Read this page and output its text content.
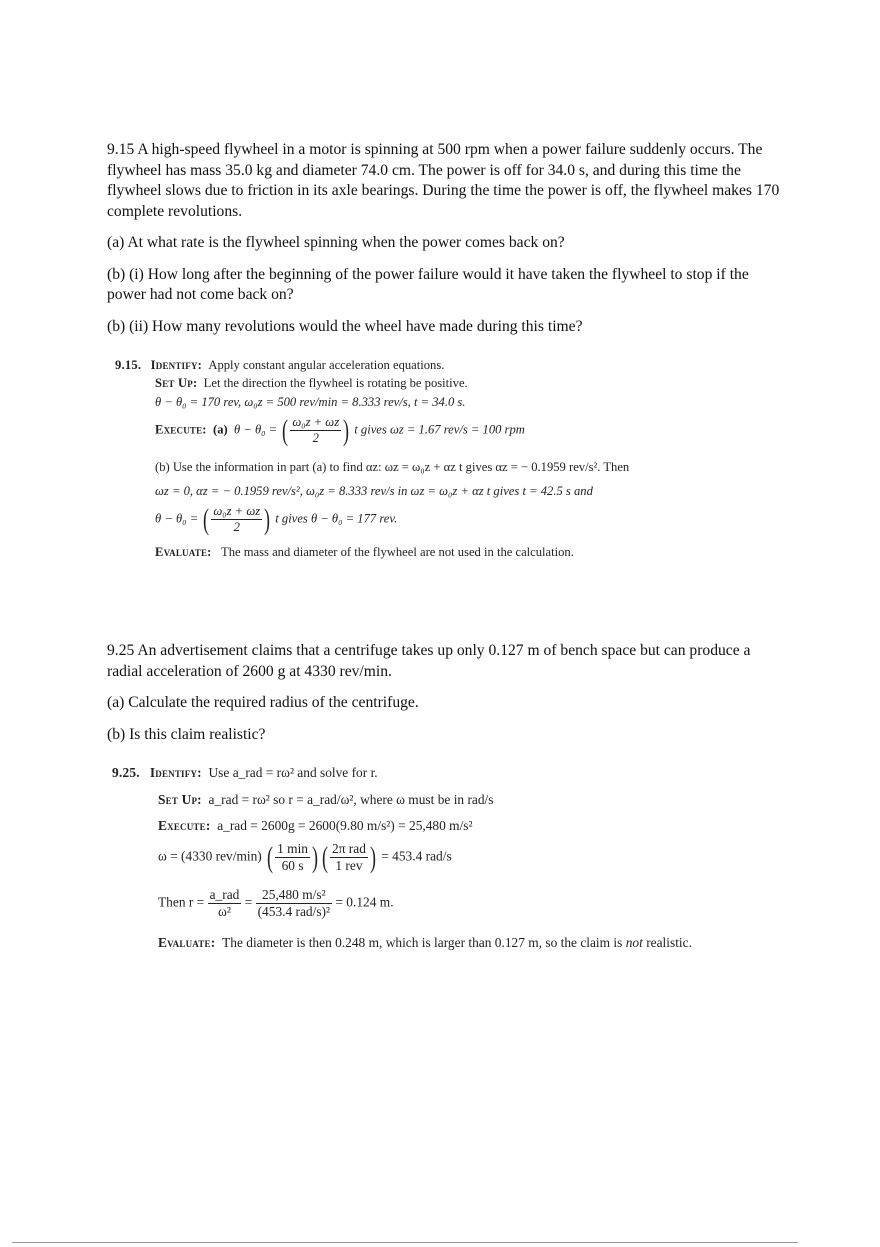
9.15 A high-speed flywheel in a motor is spinning at 500 rpm when a power failure suddenly occurs. The flywheel has mass 35.0 kg and diameter 74.0 cm. The power is off for 34.0 s, and during this time the flywheel slows due to friction in its axle bearings. During the time the power is off, the flywheel makes 170 complete revolutions.

(a) At what rate is the flywheel spinning when the power comes back on?

(b) (i) How long after the beginning of the power failure would it have taken the flywheel to stop if the power had not come back on?

(b) (ii) How many revolutions would the wheel have made during this time?

9.15. Identify: Apply constant angular acceleration equations.
Set Up: Let the direction the flywheel is rotating be positive.
θ − θ₀ = 170 rev, ω₀z = 500 rev/min = 8.333 rev/s, t = 34.0 s.
Execute: (a) θ − θ₀ = ( $\frac{\text{ω₀z + ωz}}{2}$ ) t gives ωz = 1.67 rev/s = 100 rpm
(b) Use the information in part (a) to find αz: ωz = ω₀z + αz t gives αz = − 0.1959 rev/s². Then
ωz = 0, αz = − 0.1959 rev/s², ω₀z = 8.333 rev/s in ωz = ω₀z + αz t gives t = 42.5 s and
θ − θ₀ = ( $\frac{\text{ω₀z + ωz}}{2}$ ) t gives θ − θ₀ = 177 rev.
Evaluate: The mass and diameter of the flywheel are not used in the calculation.

9.25 An advertisement claims that a centrifuge takes up only 0.127 m of bench space but can produce a radial acceleration of 2600 g at 4330 rev/min.

(a) Calculate the required radius of the centrifuge.

(b) Is this claim realistic?

9.25. Identify: Use a_rad = rω² and solve for r.
Set Up: a_rad = rω² so r = a_rad/ω², where ω must be in rad/s
Execute: a_rad = 2600g = 2600(9.80 m/s²) = 25,480 m/s²
ω = (4330 rev/min) ( $\frac{1 \min}{60 s}$ ) ( $\frac{\text{2π rad}}{\text{1 rev}}$ ) = 453.4 rad/s
Then $r = \frac{\text{a\_rad}}{\text{ω²}} = \frac{\text{25,480 m/s²}}{\text{(453.4 rad/s)²}} = 0.124$ m.
Evaluate: The diameter is then 0.248 m, which is larger than 0.127 m, so the claim is not realistic.
